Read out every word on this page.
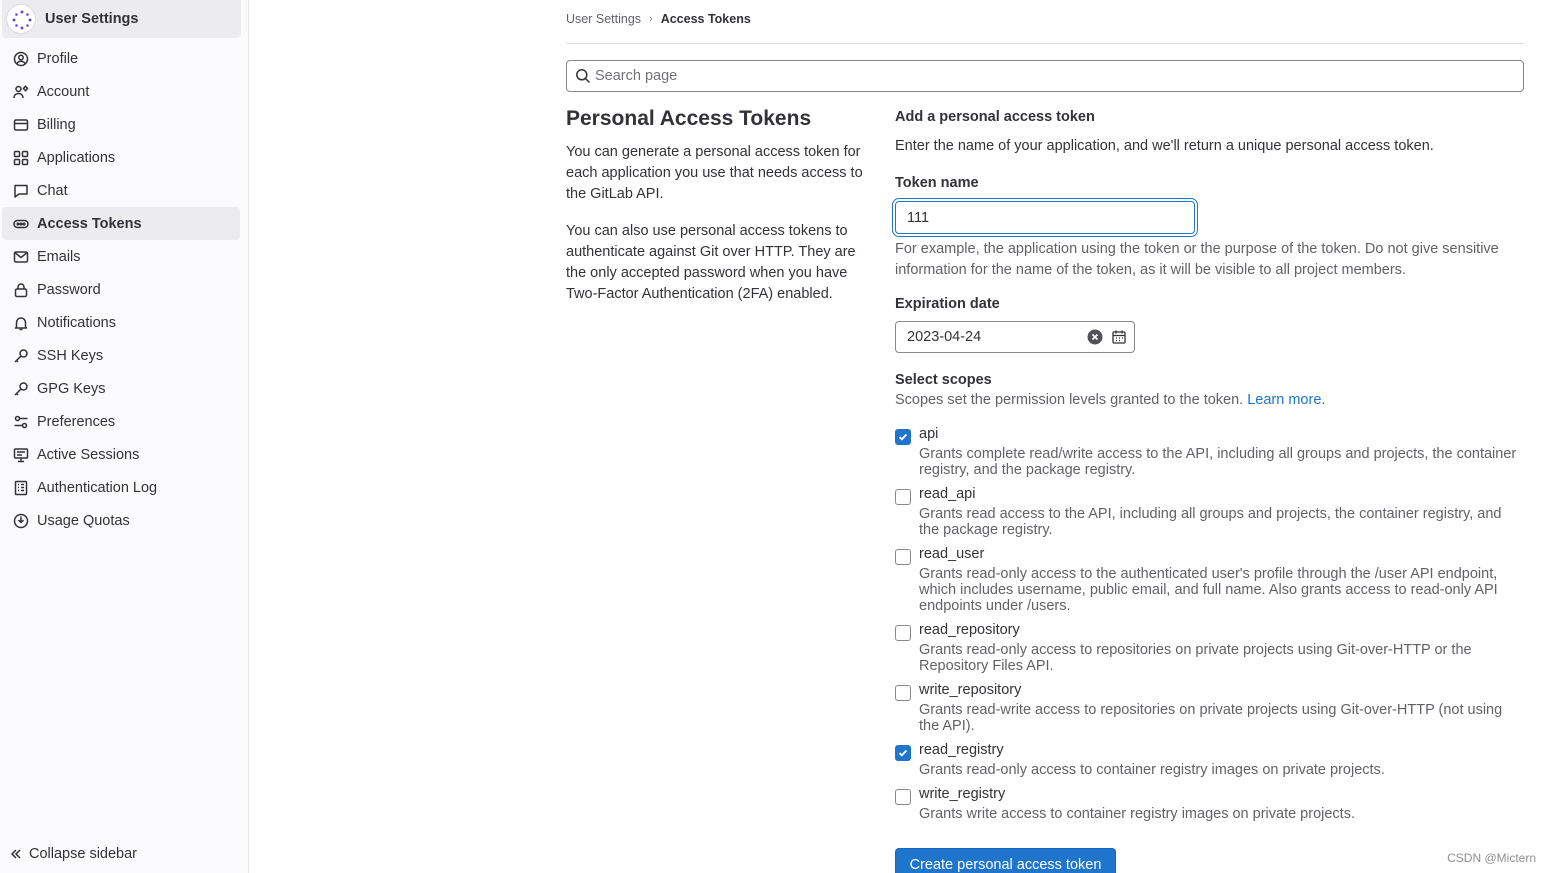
User Settings
Profile
Account
Billing
Applications
Chat
Access Tokens
Emails
Password
Notifications
SSH Keys
GPG Keys
Preferences
Active Sessions
Authentication Log
Usage Quotas
Collapse sidebar
User Settings › Access Tokens
Search page
Personal Access Tokens

You can generate a personal access token for each application you use that needs access to the GitLab API.

You can also use personal access tokens to authenticate against Git over HTTP. They are the only accepted password when you have Two-Factor Authentication (2FA) enabled.

Add a personal access token
Enter the name of your application, and we'll return a unique personal access token.
Token name
111
For example, the application using the token or the purpose of the token. Do not give sensitive information for the name of the token, as it will be visible to all project members.
Expiration date
2023-04-24
Select scopes
Scopes set the permission levels granted to the token. Learn more.
api
Grants complete read/write access to the API, including all groups and projects, the container registry, and the package registry.
read_api
Grants read access to the API, including all groups and projects, the container registry, and the package registry.
read_user
Grants read-only access to the authenticated user's profile through the /user API endpoint, which includes username, public email, and full name. Also grants access to read-only API endpoints under /users.
read_repository
Grants read-only access to repositories on private projects using Git-over-HTTP or the Repository Files API.
write_repository
Grants read-write access to repositories on private projects using Git-over-HTTP (not using the API).
read_registry
Grants read-only access to container registry images on private projects.
write_registry
Grants write access to container registry images on private projects.
Create personal access token	CSDN @Mictern
